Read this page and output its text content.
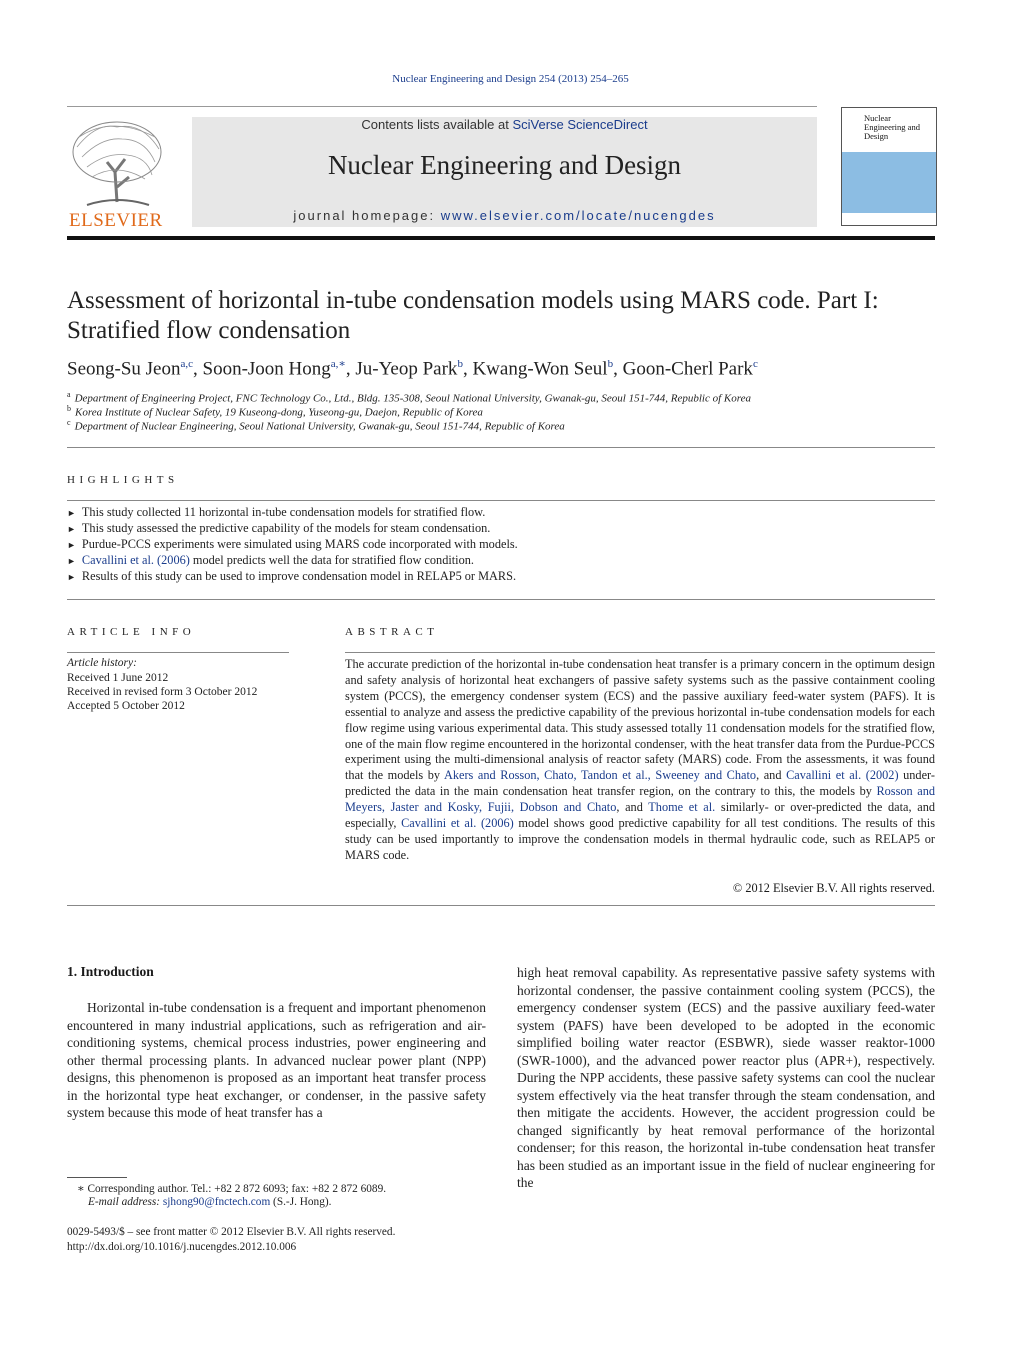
Nuclear Engineering and Design 254 (2013) 254–265
ELSEVIER
Contents lists available at SciVerse ScienceDirect
Nuclear Engineering and Design
journal homepage: www.elsevier.com/locate/nucengdes
Nuclear Engineering and Design
Assessment of horizontal in-tube condensation models using MARS code. Part I:
Stratified flow condensation
Seong-Su Jeon$^{a,c}$, Soon-Joon Hong$^{a,∗}$, Ju-Yeop Park$^b$, Kwang-Won Seul$^b$, Goon-Cherl Park$^c$
$^a$ Department of Engineering Project, FNC Technology Co., Ltd., Bldg. 135-308, Seoul National University, Gwanak-gu, Seoul 151-744, Republic of Korea
$^b$ Korea Institute of Nuclear Safety, 19 Kuseong-dong, Yuseong-gu, Daejon, Republic of Korea
$^c$ Department of Nuclear Engineering, Seoul National University, Gwanak-gu, Seoul 151-744, Republic of Korea
HIGHLIGHTS
► This study collected 11 horizontal in-tube condensation models for stratified flow.
► This study assessed the predictive capability of the models for steam condensation.
► Purdue-PCCS experiments were simulated using MARS code incorporated with models.
► Cavallini et al. (2006) model predicts well the data for stratified flow condition.
► Results of this study can be used to improve condensation model in RELAP5 or MARS.
ARTICLE INFO
Article history:
Received 1 June 2012
Received in revised form 3 October 2012
Accepted 5 October 2012
ABSTRACT
The accurate prediction of the horizontal in-tube condensation heat transfer is a primary concern in the optimum design and safety analysis of horizontal heat exchangers of passive safety systems such as the passive containment cooling system (PCCS), the emergency condenser system (ECS) and the passive auxiliary feed-water system (PAFS). It is essential to analyze and assess the predictive capability of the previous horizontal in-tube condensation models for each flow regime using various experimental data. This study assessed totally 11 condensation models for the stratified flow, one of the main flow regime encountered in the horizontal condenser, with the heat transfer data from the Purdue-PCCS experiment using the multi-dimensional analysis of reactor safety (MARS) code. From the assessments, it was found that the models by Akers and Rosson, Chato, Tandon et al., Sweeney and Chato, and Cavallini et al. (2002) under-predicted the data in the main condensation heat transfer region, on the contrary to this, the models by Rosson and Meyers, Jaster and Kosky, Fujii, Dobson and Chato, and Thome et al. similarly- or over-predicted the data, and especially, Cavallini et al. (2006) model shows good predictive capability for all test conditions. The results of this study can be used importantly to improve the condensation models in thermal hydraulic code, such as RELAP5 or MARS code.
© 2012 Elsevier B.V. All rights reserved.
1. Introduction
Horizontal in-tube condensation is a frequent and important phenomenon encountered in many industrial applications, such as refrigeration and air-conditioning systems, chemical process industries, power engineering and other thermal processing plants. In advanced nuclear power plant (NPP) designs, this phenomenon is proposed as an important heat transfer process in the horizontal type heat exchanger, or condenser, in the passive safety system because this mode of heat transfer has a
high heat removal capability. As representative passive safety systems with horizontal condenser, the passive containment cooling system (PCCS), the emergency condenser system (ECS) and the passive auxiliary feed-water system (PAFS) have been developed to be adopted in the economic simplified boiling water reactor (ESBWR), siede wasser reaktor-1000 (SWR-1000), and the advanced power reactor plus (APR+), respectively. During the NPP accidents, these passive safety systems can cool the nuclear system effectively via the heat transfer through the steam condensation, and then mitigate the accidents. However, the accident progression could be changed significantly by heat removal performance of the horizontal condenser; for this reason, the horizontal in-tube condensation heat transfer has been studied as an important issue in the field of nuclear engineering for the
∗ Corresponding author. Tel.: +82 2 872 6093; fax: +82 2 872 6089.
E-mail address: sjhong90@fnctech.com (S.-J. Hong).
0029-5493/$ – see front matter © 2012 Elsevier B.V. All rights reserved.
http://dx.doi.org/10.1016/j.nucengdes.2012.10.006
